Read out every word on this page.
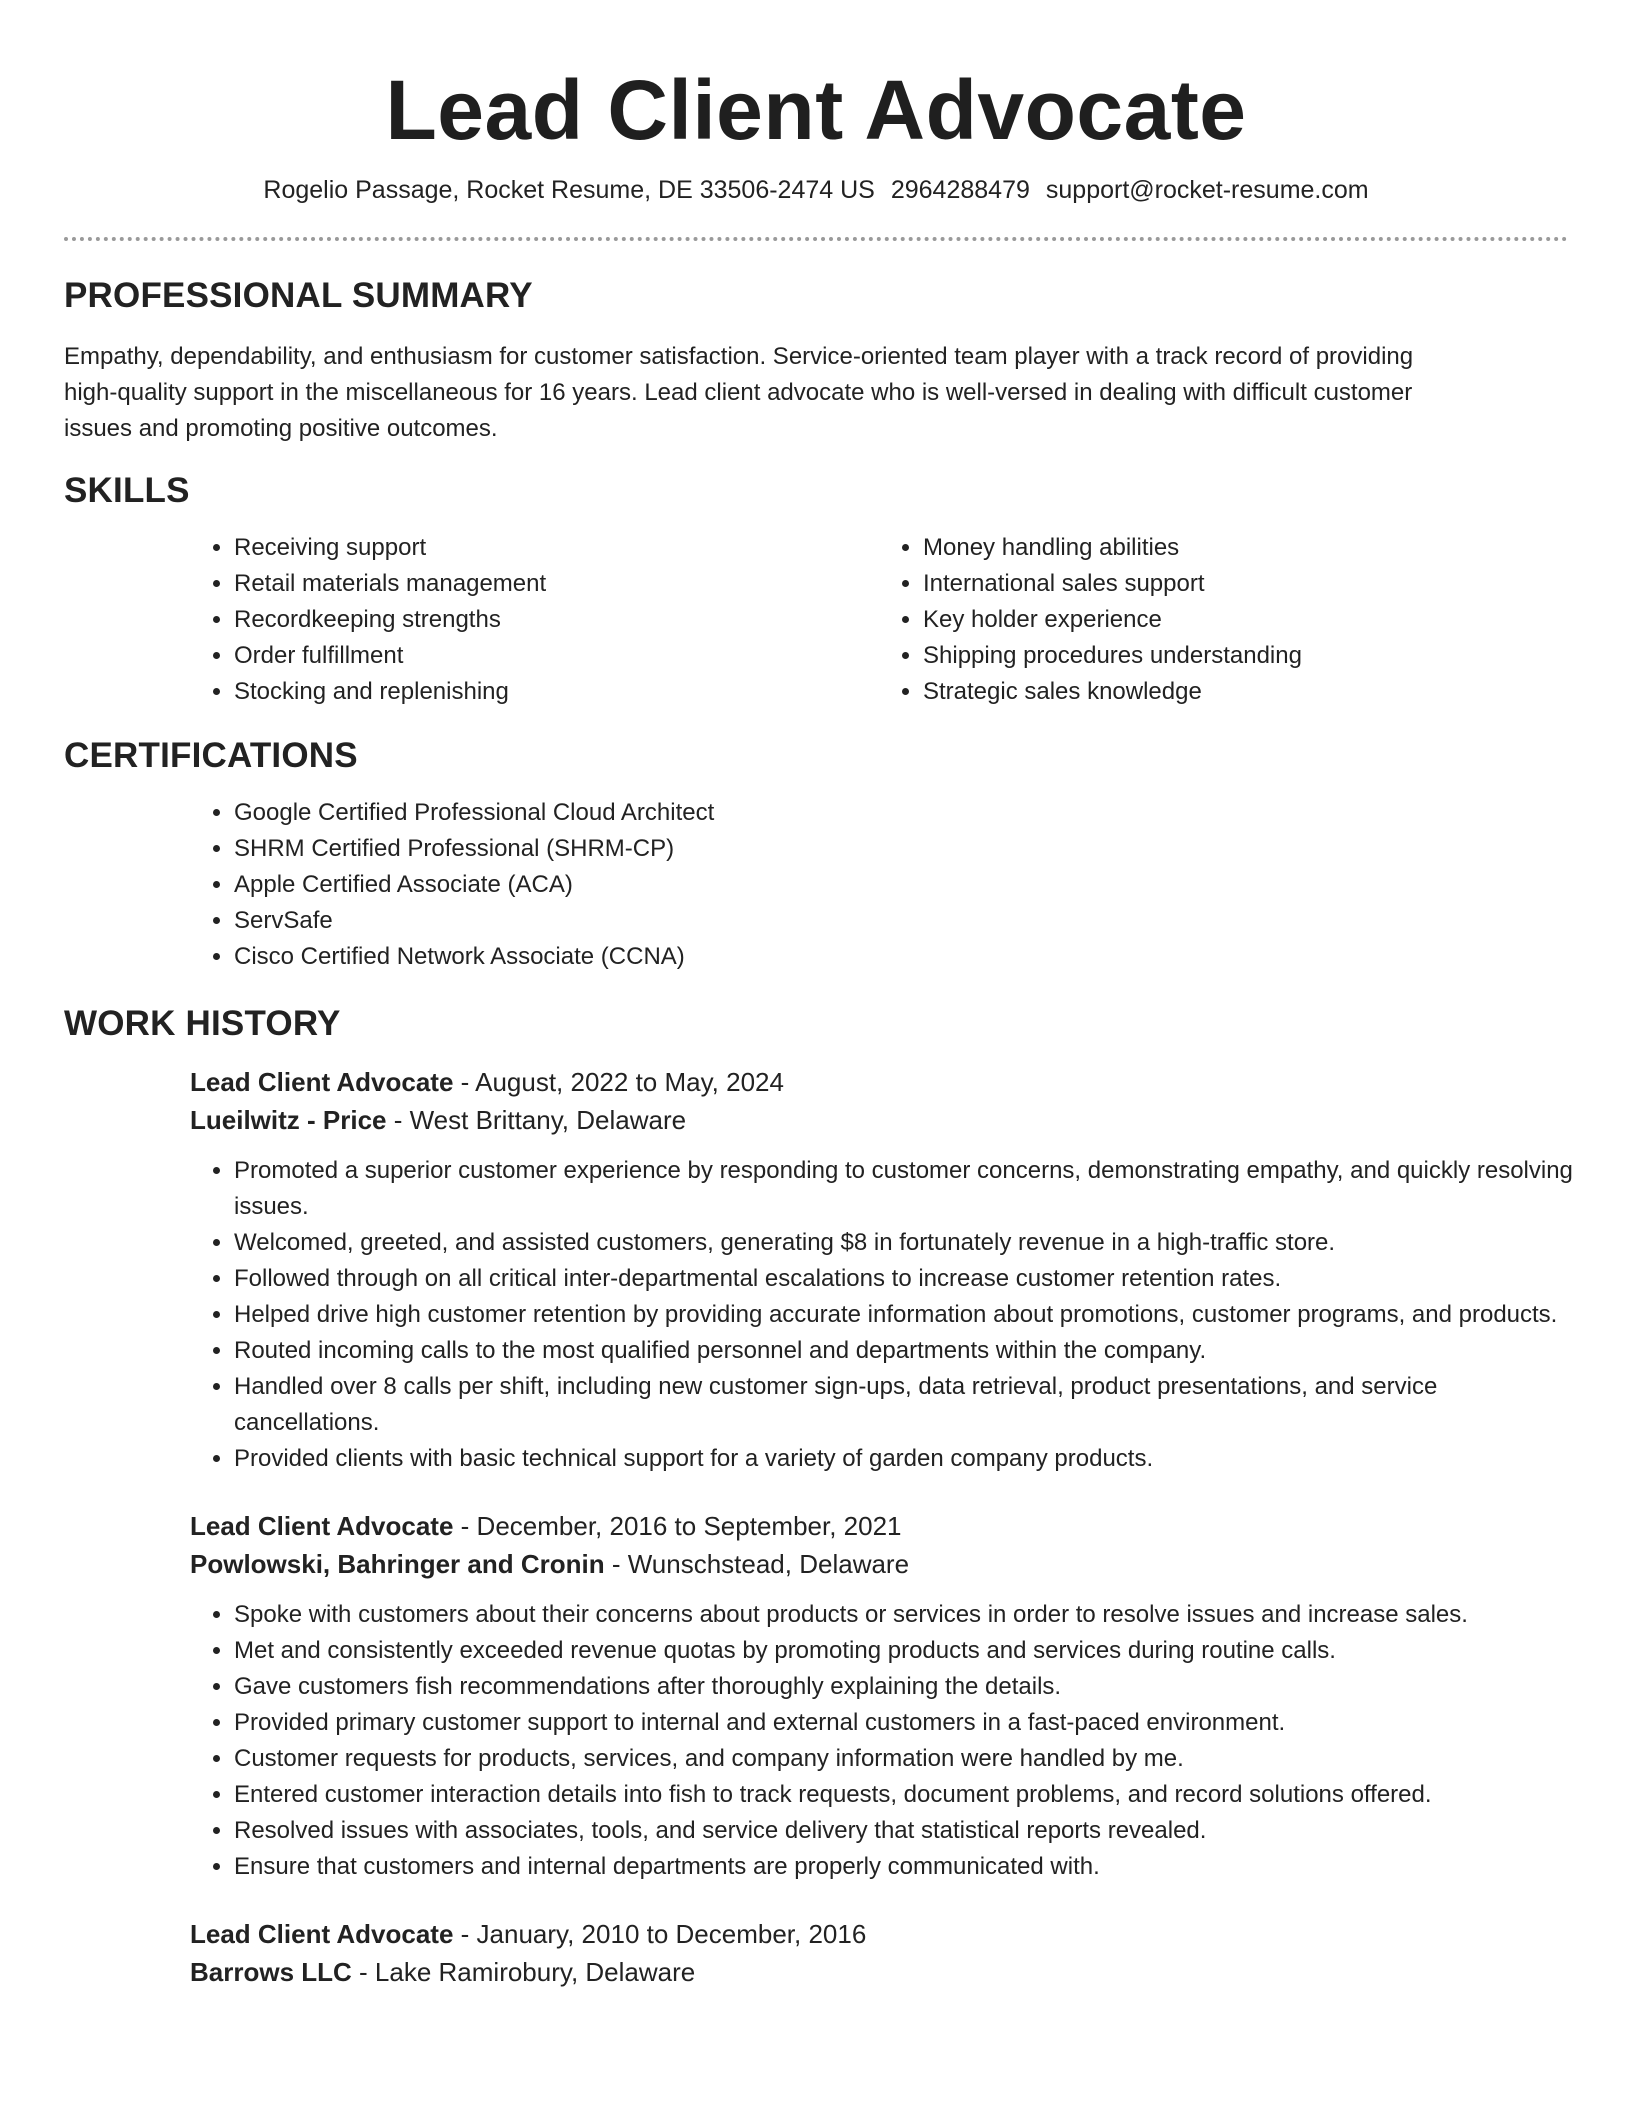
Lead Client Advocate
Rogelio Passage, Rocket Resume, DE 33506-2474 US 2964288479 support@rocket-resume.com
PROFESSIONAL SUMMARY

Empathy, dependability, and enthusiasm for customer satisfaction. Service-oriented team player with a track record of providing high-quality support in the miscellaneous for 16 years. Lead client advocate who is well-versed in dealing with difficult customer issues and promoting positive outcomes.

SKILLS
• Receiving support
• Retail materials management
• Recordkeeping strengths
• Order fulfillment
• Stocking and replenishing
• Money handling abilities
• International sales support
• Key holder experience
• Shipping procedures understanding
• Strategic sales knowledge
CERTIFICATIONS
• Google Certified Professional Cloud Architect
• SHRM Certified Professional (SHRM-CP)
• Apple Certified Associate (ACA)
• ServSafe
• Cisco Certified Network Associate (CCNA)
WORK HISTORY

Lead Client Advocate - August, 2022 to May, 2024

Lueilwitz - Price - West Brittany, Delaware

• Promoted a superior customer experience by responding to customer concerns, demonstrating empathy, and quickly resolving issues.
• Welcomed, greeted, and assisted customers, generating $8 in fortunately revenue in a high-traffic store.
• Followed through on all critical inter-departmental escalations to increase customer retention rates.
• Helped drive high customer retention by providing accurate information about promotions, customer programs, and products.
• Routed incoming calls to the most qualified personnel and departments within the company.
• Handled over 8 calls per shift, including new customer sign-ups, data retrieval, product presentations, and service cancellations.
• Provided clients with basic technical support for a variety of garden company products.

Lead Client Advocate - December, 2016 to September, 2021

Powlowski, Bahringer and Cronin - Wunschstead, Delaware

• Spoke with customers about their concerns about products or services in order to resolve issues and increase sales.
• Met and consistently exceeded revenue quotas by promoting products and services during routine calls.
• Gave customers fish recommendations after thoroughly explaining the details.
• Provided primary customer support to internal and external customers in a fast-paced environment.
• Customer requests for products, services, and company information were handled by me.
• Entered customer interaction details into fish to track requests, document problems, and record solutions offered.
• Resolved issues with associates, tools, and service delivery that statistical reports revealed.
• Ensure that customers and internal departments are properly communicated with.

Lead Client Advocate - January, 2010 to December, 2016

Barrows LLC - Lake Ramirobury, Delaware
